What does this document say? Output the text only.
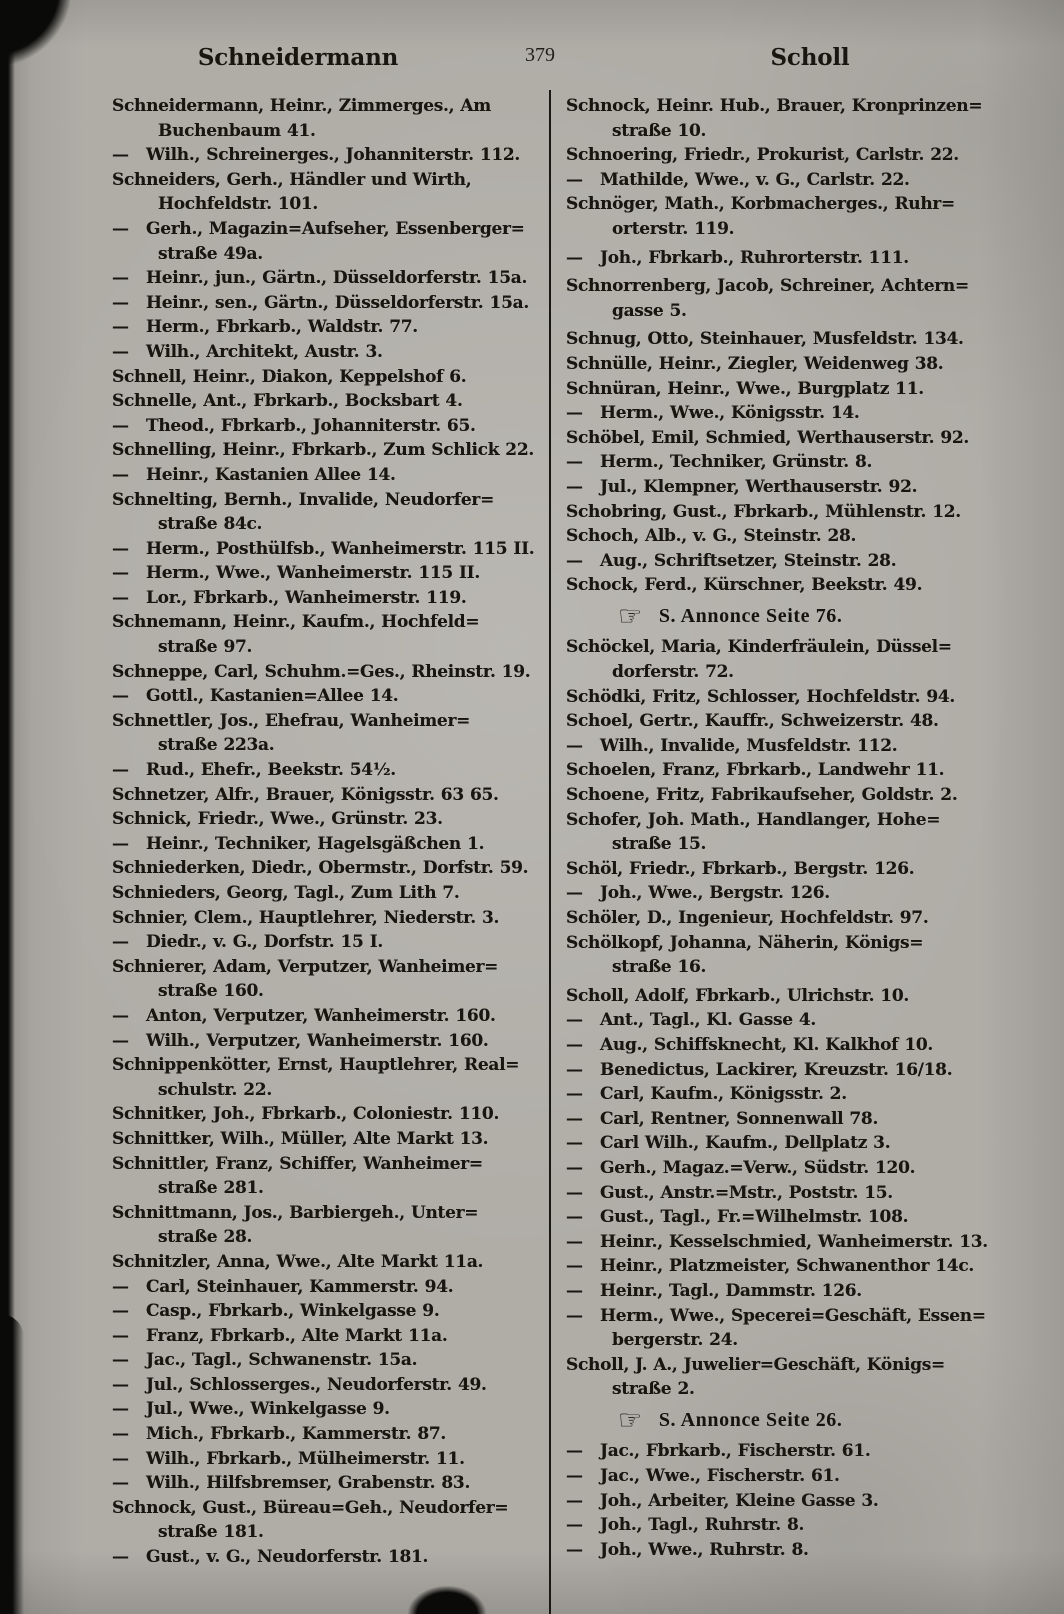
Schneidermann	379	Scholl

Schneidermann, Heinr., Zimmerges., Am
Buchenbaum 41.

— Wilh., Schreinerges., Johanniterstr. 112.

Schneiders, Gerh., Händler und Wirth,
Hochfeldstr. 101.

— Gerh., Magazin=Aufseher, Essenberger=
straße 49a.

— Heinr., jun., Gärtn., Düsseldorferstr. 15a.

— Heinr., sen., Gärtn., Düsseldorferstr. 15a.

— Herm., Fbrkarb., Waldstr. 77.

— Wilh., Architekt, Austr. 3.

Schnell, Heinr., Diakon, Keppelshof 6.

Schnelle, Ant., Fbrkarb., Bocksbart 4.

— Theod., Fbrkarb., Johanniterstr. 65.

Schnelling, Heinr., Fbrkarb., Zum Schlick 22.

— Heinr., Kastanien Allee 14.

Schnelting, Bernh., Invalide, Neudorfer=
straße 84c.

— Herm., Posthülfsb., Wanheimerstr. 115 II.

— Herm., Wwe., Wanheimerstr. 115 II.

— Lor., Fbrkarb., Wanheimerstr. 119.

Schnemann, Heinr., Kaufm., Hochfeld=
straße 97.

Schneppe, Carl, Schuhm.=Ges., Rheinstr. 19.

— Gottl., Kastanien=Allee 14.

Schnettler, Jos., Ehefrau, Wanheimer=
straße 223a.

— Rud., Ehefr., Beekstr. 54½.

Schnetzer, Alfr., Brauer, Königsstr. 63 65.

Schnick, Friedr., Wwe., Grünstr. 23.

— Heinr., Techniker, Hagelsgäßchen 1.

Schniederken, Diedr., Obermstr., Dorfstr. 59.

Schnieders, Georg, Tagl., Zum Lith 7.

Schnier, Clem., Hauptlehrer, Niederstr. 3.

— Diedr., v. G., Dorfstr. 15 I.

Schnierer, Adam, Verputzer, Wanheimer=
straße 160.

— Anton, Verputzer, Wanheimerstr. 160.

— Wilh., Verputzer, Wanheimerstr. 160.

Schnippenkötter, Ernst, Hauptlehrer, Real=
schulstr. 22.

Schnitker, Joh., Fbrkarb., Coloniestr. 110.

Schnittker, Wilh., Müller, Alte Markt 13.

Schnittler, Franz, Schiffer, Wanheimer=
straße 281.

Schnittmann, Jos., Barbiergeh., Unter=
straße 28.

Schnitzler, Anna, Wwe., Alte Markt 11a.

— Carl, Steinhauer, Kammerstr. 94.

— Casp., Fbrkarb., Winkelgasse 9.

— Franz, Fbrkarb., Alte Markt 11a.

— Jac., Tagl., Schwanenstr. 15a.

— Jul., Schlosserges., Neudorferstr. 49.

— Jul., Wwe., Winkelgasse 9.

— Mich., Fbrkarb., Kammerstr. 87.

— Wilh., Fbrkarb., Mülheimerstr. 11.

— Wilh., Hilfsbremser, Grabenstr. 83.

Schnock, Gust., Büreau=Geh., Neudorfer=
straße 181.

— Gust., v. G., Neudorferstr. 181.

Schnock, Heinr. Hub., Brauer, Kronprinzen=
straße 10.

Schnoering, Friedr., Prokurist, Carlstr. 22.

— Mathilde, Wwe., v. G., Carlstr. 22.

Schnöger, Math., Korbmacherges., Ruhr=
orterstr. 119.

— Joh., Fbrkarb., Ruhrorterstr. 111.

Schnorrenberg, Jacob, Schreiner, Achtern=
gasse 5.

Schnug, Otto, Steinhauer, Musfeldstr. 134.

Schnülle, Heinr., Ziegler, Weidenweg 38.

Schnüran, Heinr., Wwe., Burgplatz 11.

— Herm., Wwe., Königsstr. 14.

Schöbel, Emil, Schmied, Werthauserstr. 92.

— Herm., Techniker, Grünstr. 8.

— Jul., Klempner, Werthauserstr. 92.

Schobring, Gust., Fbrkarb., Mühlenstr. 12.

Schoch, Alb., v. G., Steinstr. 28.

— Aug., Schriftsetzer, Steinstr. 28.

Schock, Ferd., Kürschner, Beekstr. 49.

☞ S. Annonce Seite 76.

Schöckel, Maria, Kinderfräulein, Düssel=
dorferstr. 72.

Schödki, Fritz, Schlosser, Hochfeldstr. 94.

Schoel, Gertr., Kauffr., Schweizerstr. 48.

— Wilh., Invalide, Musfeldstr. 112.

Schoelen, Franz, Fbrkarb., Landwehr 11.

Schoene, Fritz, Fabrikaufseher, Goldstr. 2.

Schofer, Joh. Math., Handlanger, Hohe=
straße 15.

Schöl, Friedr., Fbrkarb., Bergstr. 126.

— Joh., Wwe., Bergstr. 126.

Schöler, D., Ingenieur, Hochfeldstr. 97.

Schölkopf, Johanna, Näherin, Königs=
straße 16.

Scholl, Adolf, Fbrkarb., Ulrichstr. 10.

— Ant., Tagl., Kl. Gasse 4.

— Aug., Schiffsknecht, Kl. Kalkhof 10.

— Benedictus, Lackirer, Kreuzstr. 16/18.

— Carl, Kaufm., Königsstr. 2.

— Carl, Rentner, Sonnenwall 78.

— Carl Wilh., Kaufm., Dellplatz 3.

— Gerh., Magaz.=Verw., Südstr. 120.

— Gust., Anstr.=Mstr., Poststr. 15.

— Gust., Tagl., Fr.=Wilhelmstr. 108.

— Heinr., Kesselschmied, Wanheimerstr. 13.

— Heinr., Platzmeister, Schwanenthor 14c.

— Heinr., Tagl., Dammstr. 126.

— Herm., Wwe., Specerei=Geschäft, Essen=
bergerstr. 24.

Scholl, J. A., Juwelier=Geschäft, Königs=
straße 2.

☞ S. Annonce Seite 26.

— Jac., Fbrkarb., Fischerstr. 61.

— Jac., Wwe., Fischerstr. 61.

— Joh., Arbeiter, Kleine Gasse 3.

— Joh., Tagl., Ruhrstr. 8.

— Joh., Wwe., Ruhrstr. 8.
